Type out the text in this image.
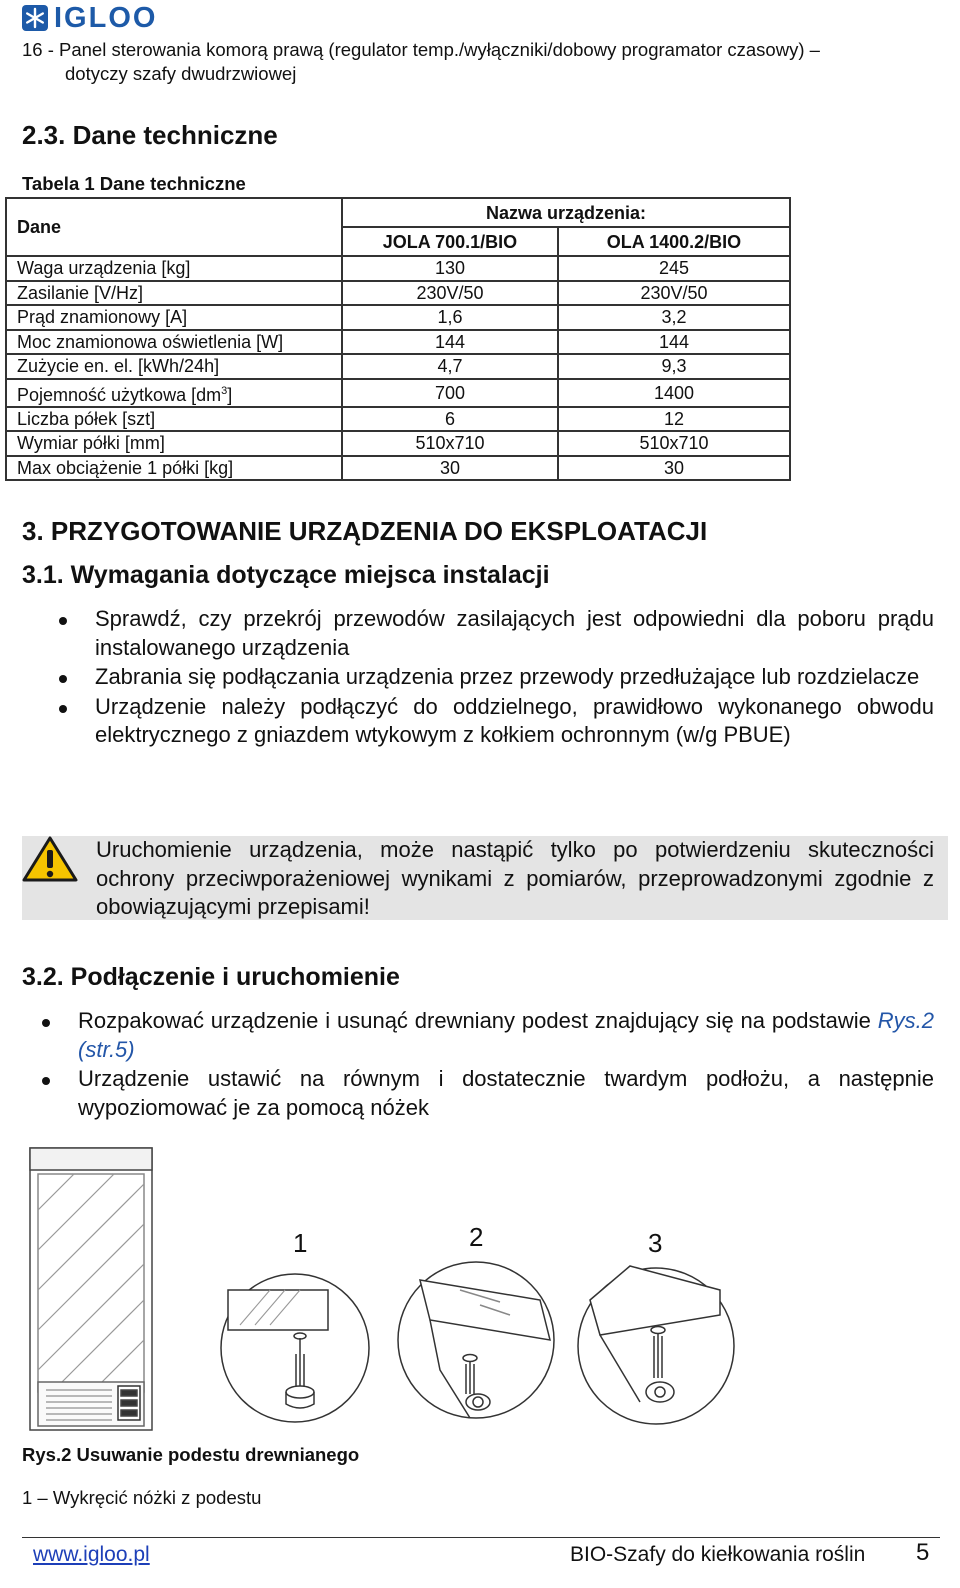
IGLOO
16 - Panel sterowania komorą prawą (regulator temp./wyłączniki/dobowy programator czasowy) –
dotyczy szafy dwudrzwiowej
2.3. Dane techniczne
Tabela 1 Dane techniczne
Dane	Nazwa urządzenia:	
	JOLA 700.1/BIO	OLA 1400.2/BIO
Waga urządzenia [kg]	130	245
Zasilanie [V/Hz]	230V/50	230V/50
Prąd znamionowy [A]	1,6	3,2
Moc znamionowa oświetlenia [W]	144	144
Zużycie en. el. [kWh/24h]	4,7	9,3
Pojemność użytkowa $[dm^3]$	700	1400
Liczba półek [szt]	6	12
Wymiar półki [mm]	510x710	510x710
Max obciążenie 1 półki [kg]	30	30
3. PRZYGOTOWANIE URZĄDZENIA DO EKSPLOATACJI
3.1. Wymagania dotyczące miejsca instalacji
Sprawdź, czy przekrój przewodów zasilających jest odpowiedni dla poboru prądu instalowanego urządzenia
Zabrania się podłączania urządzenia przez przewody przedłużające lub rozdzielacze
Urządzenie należy podłączyć do oddzielnego, prawidłowo wykonanego obwodu elektrycznego z gniazdem wtykowym z kołkiem ochronnym (w/g PBUE)
Uruchomienie urządzenia, może nastąpić tylko po potwierdzeniu skuteczności ochrony przeciwporażeniowej wynikami z pomiarów, przeprowadzonymi zgodnie z obowiązującymi przepisami!
3.2. Podłączenie i uruchomienie
Rozpakować urządzenie i usunąć drewniany podest znajdujący się na podstawie Rys.2 (str.5)
Urządzenie ustawić na równym i dostatecznie twardym podłożu, a następnie wypoziomować je za pomocą nóżek
1	2	3
Rys.2 Usuwanie podestu drewnianego
1 – Wykręcić nóżki z podestu
www.igloo.pl	BIO-Szafy do kiełkowania roślin 5
